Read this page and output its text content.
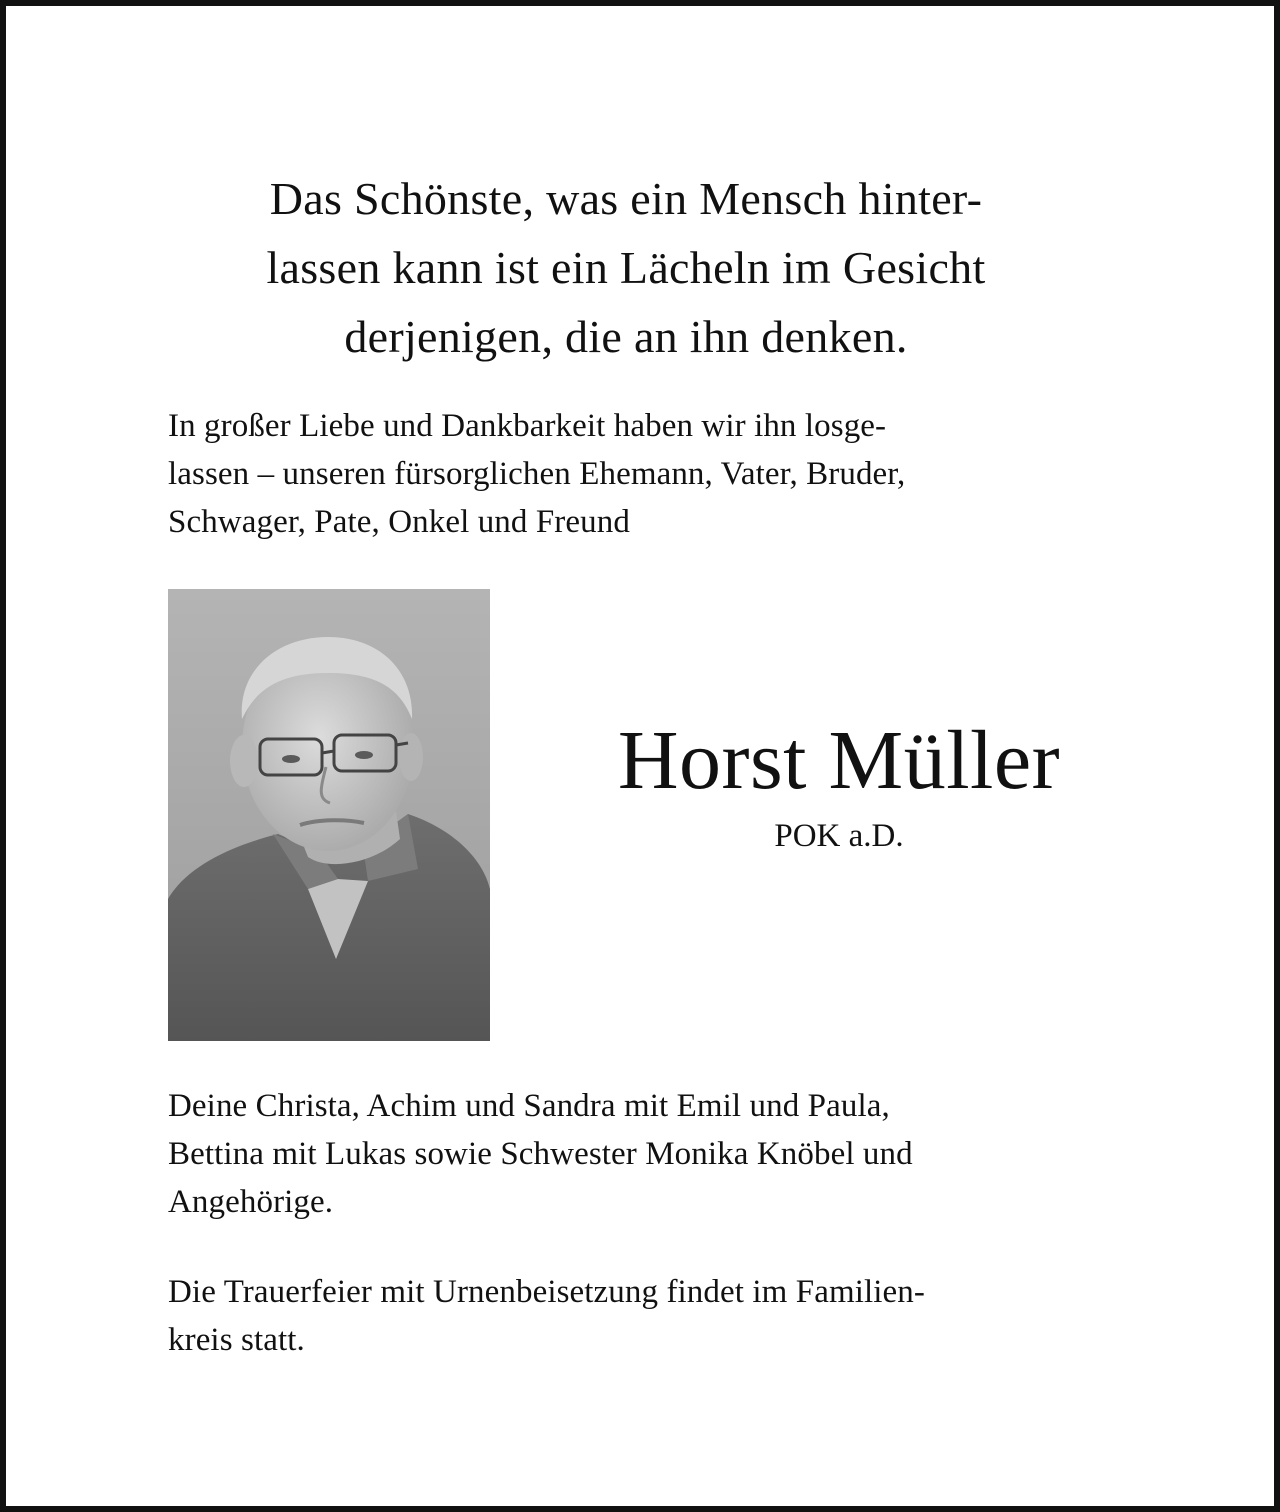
Das Schönste, was ein Mensch hinter-
lassen kann ist ein Lächeln im Gesicht
derjenigen, die an ihn denken.
In großer Liebe und Dankbarkeit haben wir ihn losge-
lassen – unseren fürsorglichen Ehemann, Vater, Bruder,
Schwager, Pate, Onkel und Freund
Horst Müller
POK a.D.
Deine Christa, Achim und Sandra mit Emil und Paula,
Bettina mit Lukas sowie Schwester Monika Knöbel und
Angehörige.
Die Trauerfeier mit Urnenbeisetzung findet im Familien-
kreis statt.
